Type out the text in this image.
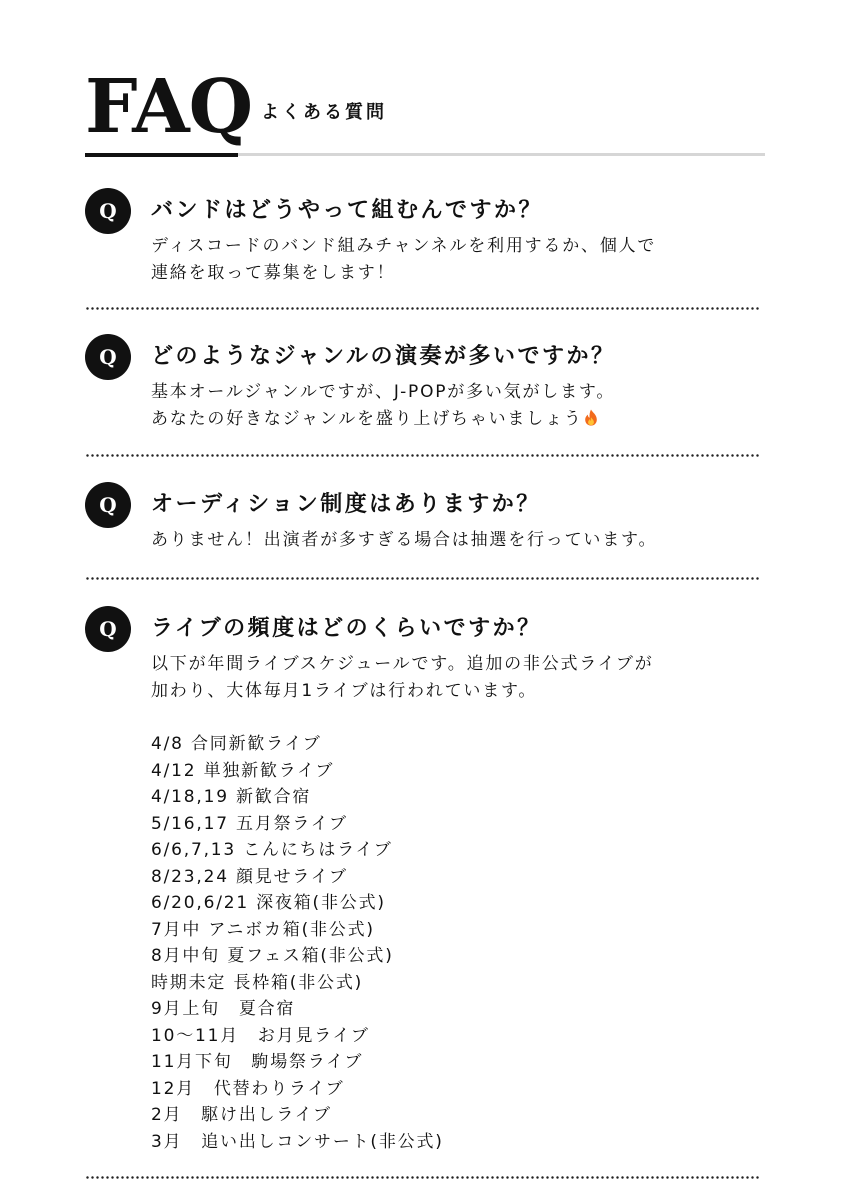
FAQ よくある質問
Q	バンドはどうやって組むんですか？
ディスコードのバンド組みチャンネルを利用するか、個人で
連絡を取って募集をします！
Q	どのようなジャンルの演奏が多いですか？
基本オールジャンルですが、J-POPが多い気がします。
あなたの好きなジャンルを盛り上げちゃいましょう
Q	オーディション制度はありますか？
ありません！出演者が多すぎる場合は抽選を行っています。
Q	ライブの頻度はどのくらいですか？
以下が年間ライブスケジュールです。追加の非公式ライブが
加わり、大体毎月1ライブは行われています。
4/8 合同新歓ライブ
4/12 単独新歓ライブ
4/18,19 新歓合宿
5/16,17 五月祭ライブ
6/6,7,13 こんにちはライブ
8/23,24 顔見せライブ
6/20,6/21 深夜箱(非公式)
7月中 アニボカ箱(非公式)
8月中旬 夏フェス箱(非公式)
時期未定 長枠箱(非公式)
9月上旬　夏合宿
10〜11月　お月見ライブ
11月下旬　駒場祭ライブ
12月　代替わりライブ
2月　駆け出しライブ
3月　追い出しコンサート(非公式)
